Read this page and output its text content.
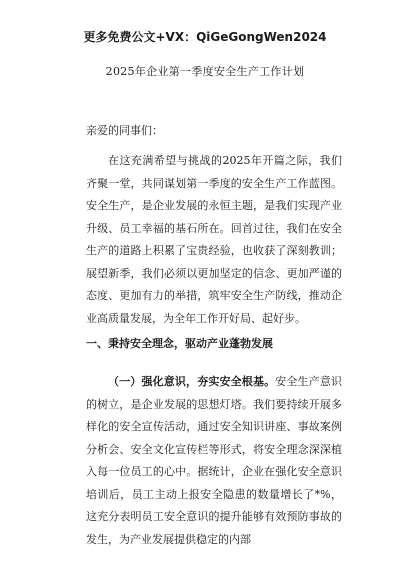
更多免费公文+VX：QiGeGongWen2024
2025年企业第一季度安全生产工作计划
亲爱的同事们：

在这充满希望与挑战的2025年开篇之际，我们齐聚一堂，共同谋划第一季度的安全生产工作蓝图。安全生产，是企业发展的永恒主题，是我们实现产业升级、员工幸福的基石所在。回首过往，我们在安全生产的道路上积累了宝贵经验，也收获了深刻教训；展望新季，我们必须以更加坚定的信念、更加严谨的态度、更加有力的举措，筑牢安全生产防线，推动企业高质量发展，为全年工作开好局、起好步。

一、秉持安全理念，驱动产业蓬勃发展

（一）强化意识，夯实安全根基。安全生产意识的树立，是企业发展的思想灯塔。我们要持续开展多样化的安全宣传活动，通过安全知识讲座、事故案例分析会、安全文化宣传栏等形式，将安全理念深深植入每一位员工的心中。据统计，企业在强化安全意识培训后，员工主动上报安全隐患的数量增长了*%，这充分表明员工安全意识的提升能够有效预防事故的发生，为产业发展提供稳定的内部
